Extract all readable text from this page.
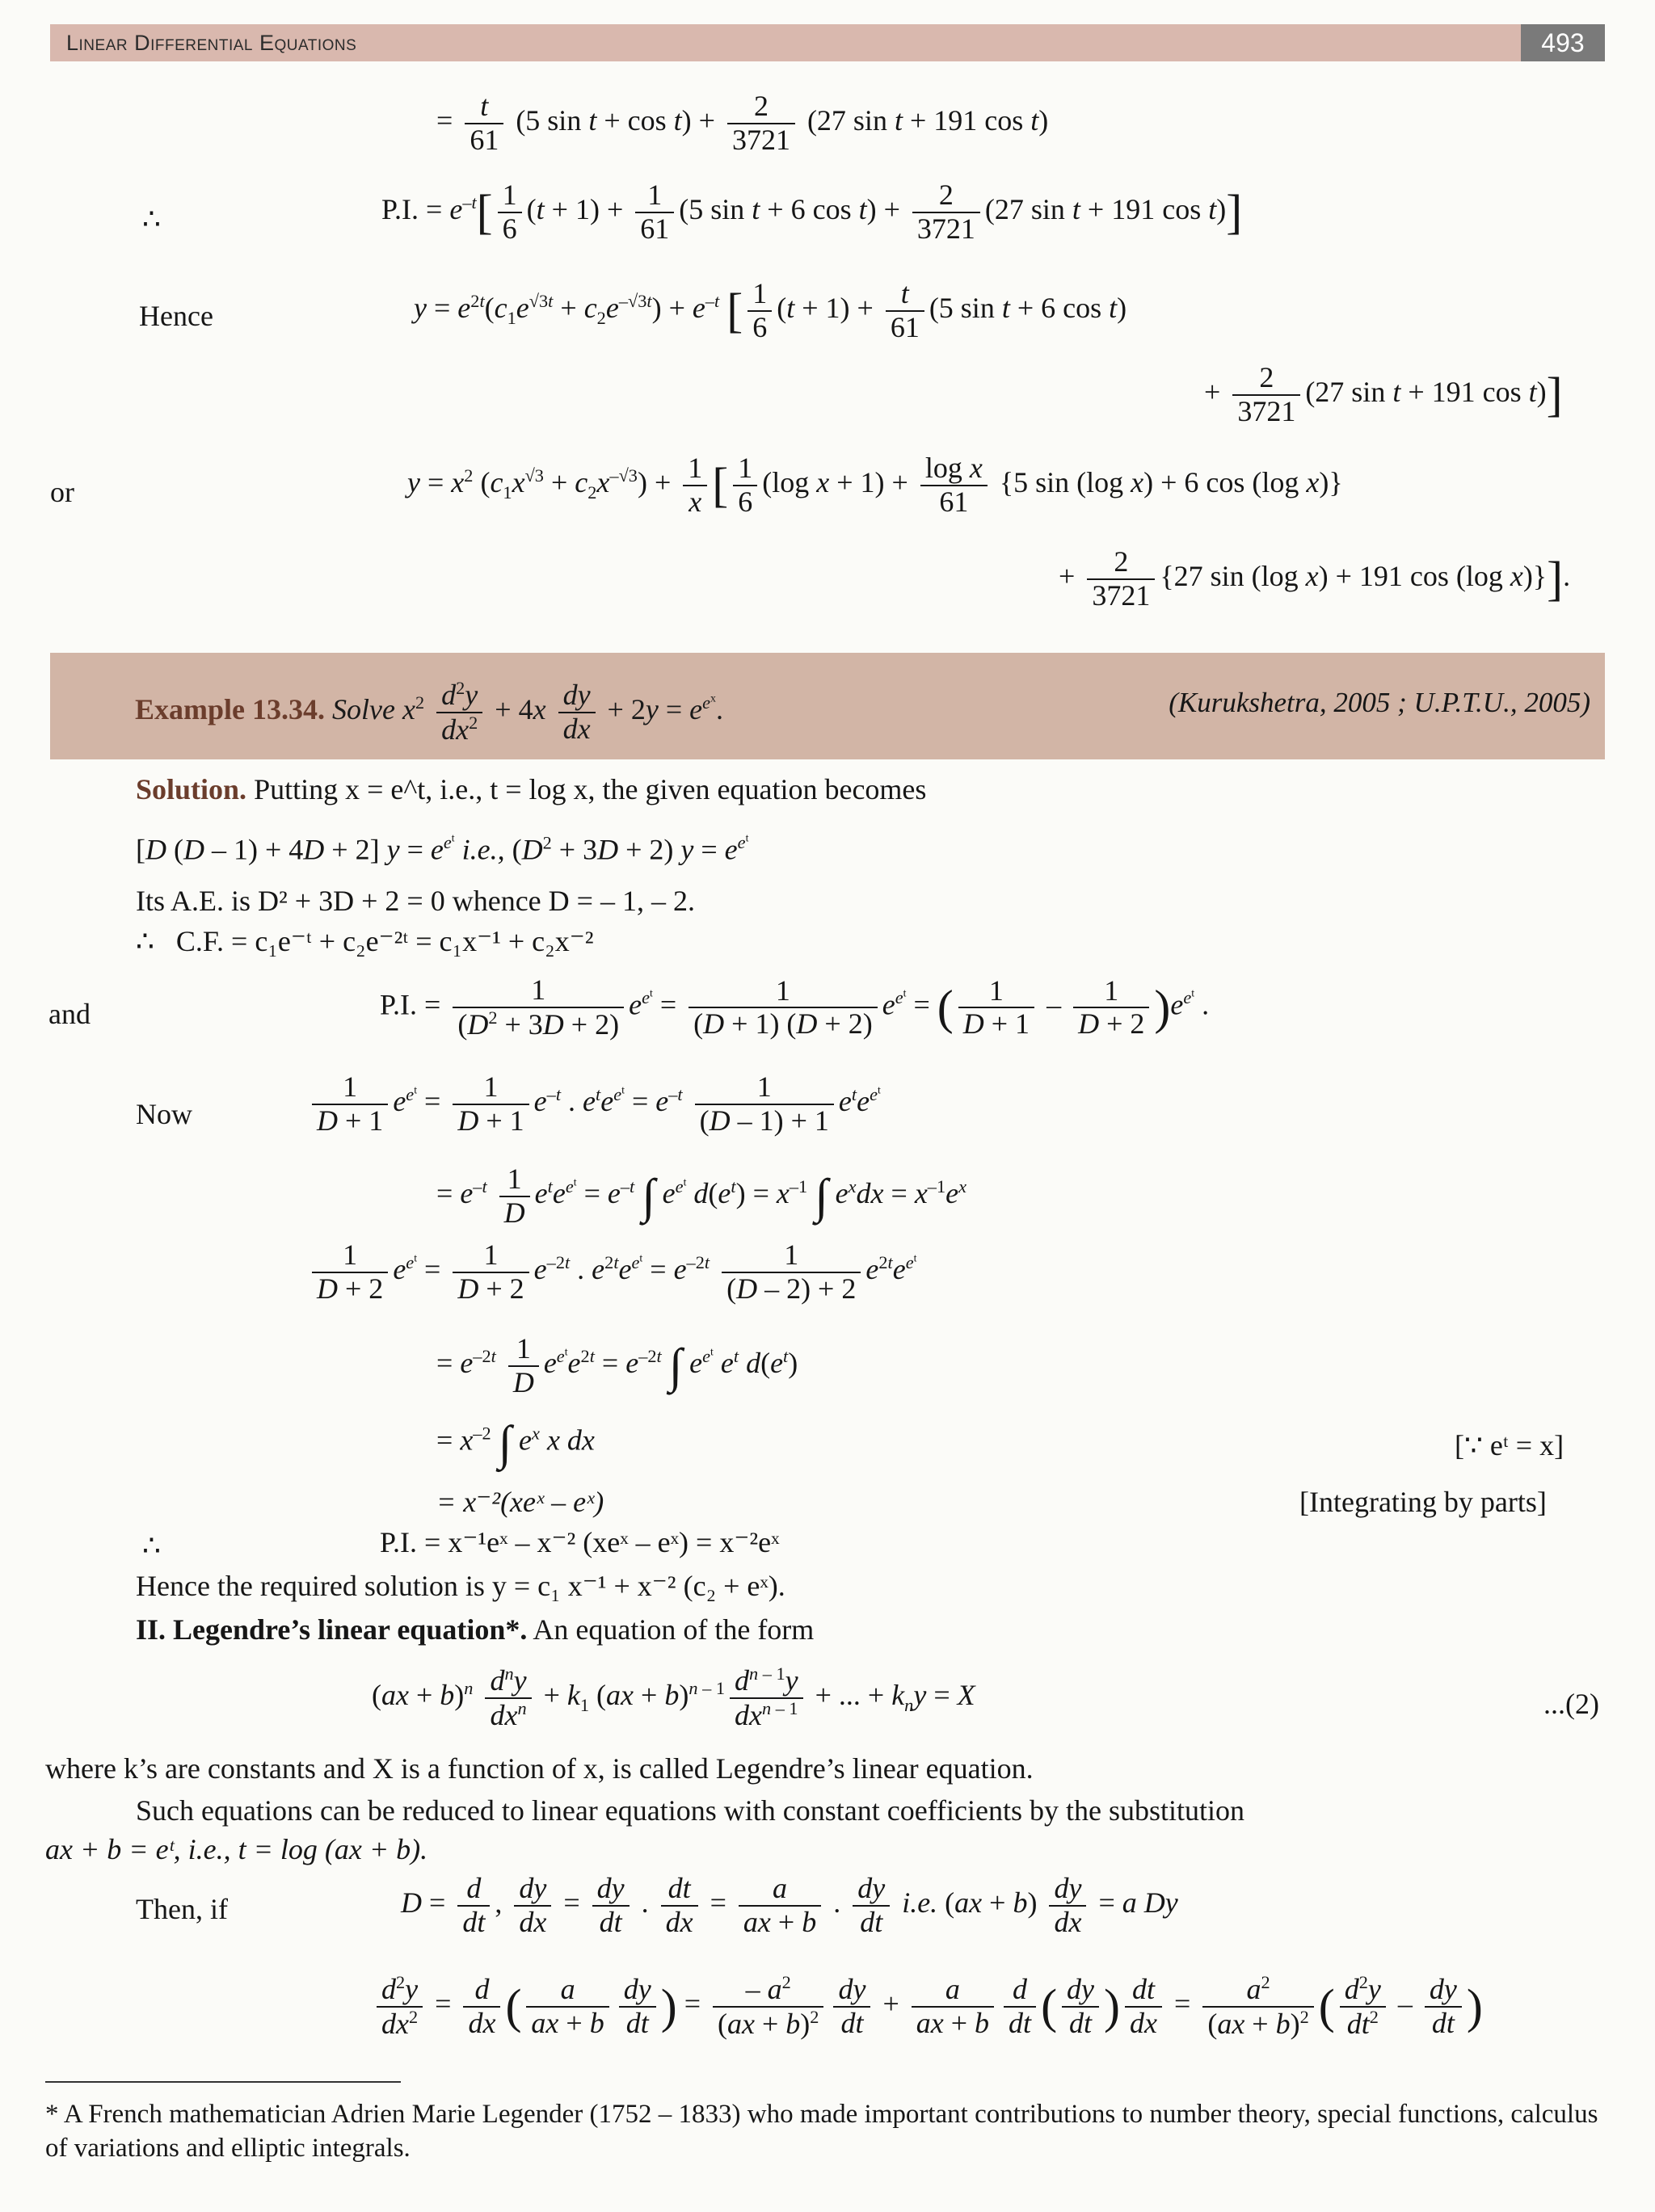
Linear Differential Equations	493
= $\frac{t}{61} (5$ $\sin t + \cos t) + \frac{2}{3721} (27$ sin t + 191 cos t)
∴	P.I. = $e^{-t}[ \frac{1}{6} (t + 1) + \frac{1}{61} (5$ sin t + 6 $\cos t) + \frac{2}{3721} (27$ sin t + 191 cos t)]
Hence	$y = e^{2t}(c_1e^{√3t} + c_2e^{-√3t}) + e^{-t}$ [ $\frac{1}{6} (t + 1) + \frac{t}{61} (5$ sin t + 6 cos t)
+ $\frac{2}{3721} (27$ sin t + 191 cos t)]
or	$y = x^2$ $(c_1x^{√3} + c_2x^{-√3}) + \frac{1}{x}$ [ $\frac{1}{6} (\log$ $x + 1) + \frac{\text{log x}}{61} \{5$ sin (log x) + 6 cos (log x)}
+ $\frac{2}{3721} \{27$ sin (log x) + 191 cos (log x)}].
Example 13.34. Solve $x^2 \frac{d^2y}{dx^2} + 4x \frac{dy}{dx} + 2y = e^{e^x}$.	(Kurukshetra, 2005 ; U.P.T.U., 2005)
Solution. Putting x = e^t, i.e., t = log x, the given equation becomes
[D (D – 1) + 4D + 2] $y = e^{e^t}$ i.e., $(D^2 + 3D + 2) y = e^{e^t}$
Its A.E. is D² + 3D + 2 = 0 whence D = – 1, – 2.
∴   C.F. = c₁e⁻ᵗ + c₂e⁻²ᵗ = c₁x⁻¹ + c₂x⁻²
and	P.I. = $\frac{1}{(D^2 + 3D + 2)} e^{e^t} = \frac{1}{(D + 1) (D + 2)} e^{e^t}$ = ( $\frac{1}{D + 1} - \frac{1}{D + 2} )e^{e^t}$ .
Now	$\frac{1}{D + 1} e^{e^t} = \frac{1}{D + 1} e^{-t}$ . $e^te^{e^t} = e^{-t} \frac{1}{(D - 1) + 1} e^te^{e^t}$
= $e^{-t} \frac{1}{D} e^te^{e^t} = e^{-t}$ ∫ $e^{e^t}$ $d(e^t) = x^{-1}$ ∫ $e^xdx = x^{-1}e^x$
$\frac{1}{D + 2} e^{e^t} = \frac{1}{D + 2} e^{-2t}$ . $e^{2t}e^{e^t} = e^{-2t} \frac{1}{(D - 2) + 2} e^{2t}e^{e^t}$
= $e^{-2t} \frac{1}{D} e^{e^t}e^{2t} = e^{-2t}$ ∫ $e^{e^t}$ $e^t$ $d(e^t)$
= $x^{-2}$ ∫ $e^x$ x dx	[∵ eᵗ = x]
= x⁻²(xeˣ – eˣ)	[Integrating by parts]
∴	P.I. = x⁻¹eˣ – x⁻² (xeˣ – eˣ) = x⁻²eˣ
Hence the required solution is y = c₁ x⁻¹ + x⁻² (c₂ + eˣ).
II. Legendre’s linear equation*. An equation of the form
$(ax + b)^n \frac{d^ny}{dx^n} + k_1$ $(ax + b)^{n - 1} \frac{d^{n - 1}y}{dx^{n - 1}}$ + ... + $k_ny = X$	...(2)
where k’s are constants and X is a function of x, is called Legendre’s linear equation.
Such equations can be reduced to linear equations with constant coefficients by the substitution
ax + b = eᵗ, i.e., t = log (ax + b).
Then, if	$D = \frac{d}{dt}$ , $\frac{dy}{dx} = \frac{dy}{dt}$ . $\frac{dt}{dx} = \frac{a}{ax + b}$ . $\frac{dy}{dt} i.e$. $(ax + b) \frac{dy}{dx} = a$ Dy
$\frac{d^2y}{dx^2} = \frac{d}{dx}$ ( $\frac{a}{ax + b} \frac{dy}{dt}$ ) = $\frac{- a^2}{(ax + b)^2} \frac{dy}{dt} + \frac{a}{ax + b} \frac{d}{dt}$ ( $\frac{dy}{dt}$ ) $\frac{dt}{dx} = \frac{a^2}{(ax + b)^2}$ ( $\frac{d^2y}{dt^2} - \frac{dy}{dt}$ )
* A French mathematician Adrien Marie Legender (1752 – 1833) who made important contributions to number theory, special functions, calculus of variations and elliptic integrals.
